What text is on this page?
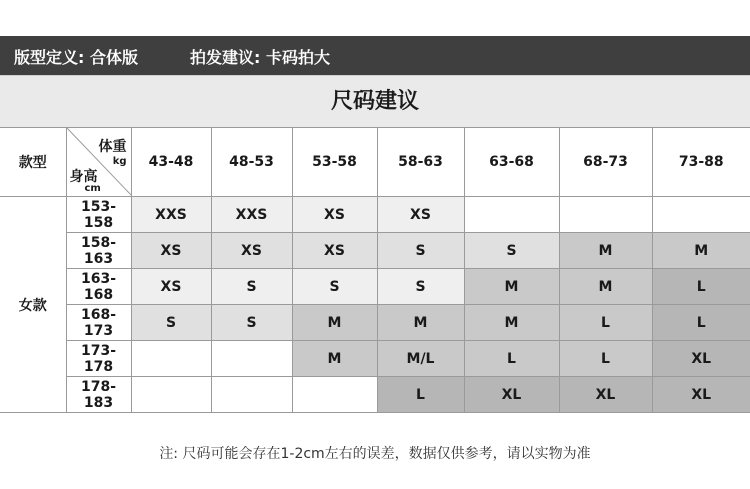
版型定义: 合体版	拍发建议: 卡码拍大
尺码建议
款型	体重
kg
身高
cm	43-48	48-53	53-58	58-63	63-68	68-73	73-88
女款	153-158	XXS	XXS	XS	XS			
	158-163	XS	XS	XS	S	S	M	M
	163-168	XS	S	S	S	M	M	L
	168-173	S	S	M	M	M	L	L
	173-178			M	M/L	L	L	XL
	178-183				L	XL	XL	XL
注: 尺码可能会存在1-2cm左右的误差，数据仅供参考，请以实物为准
